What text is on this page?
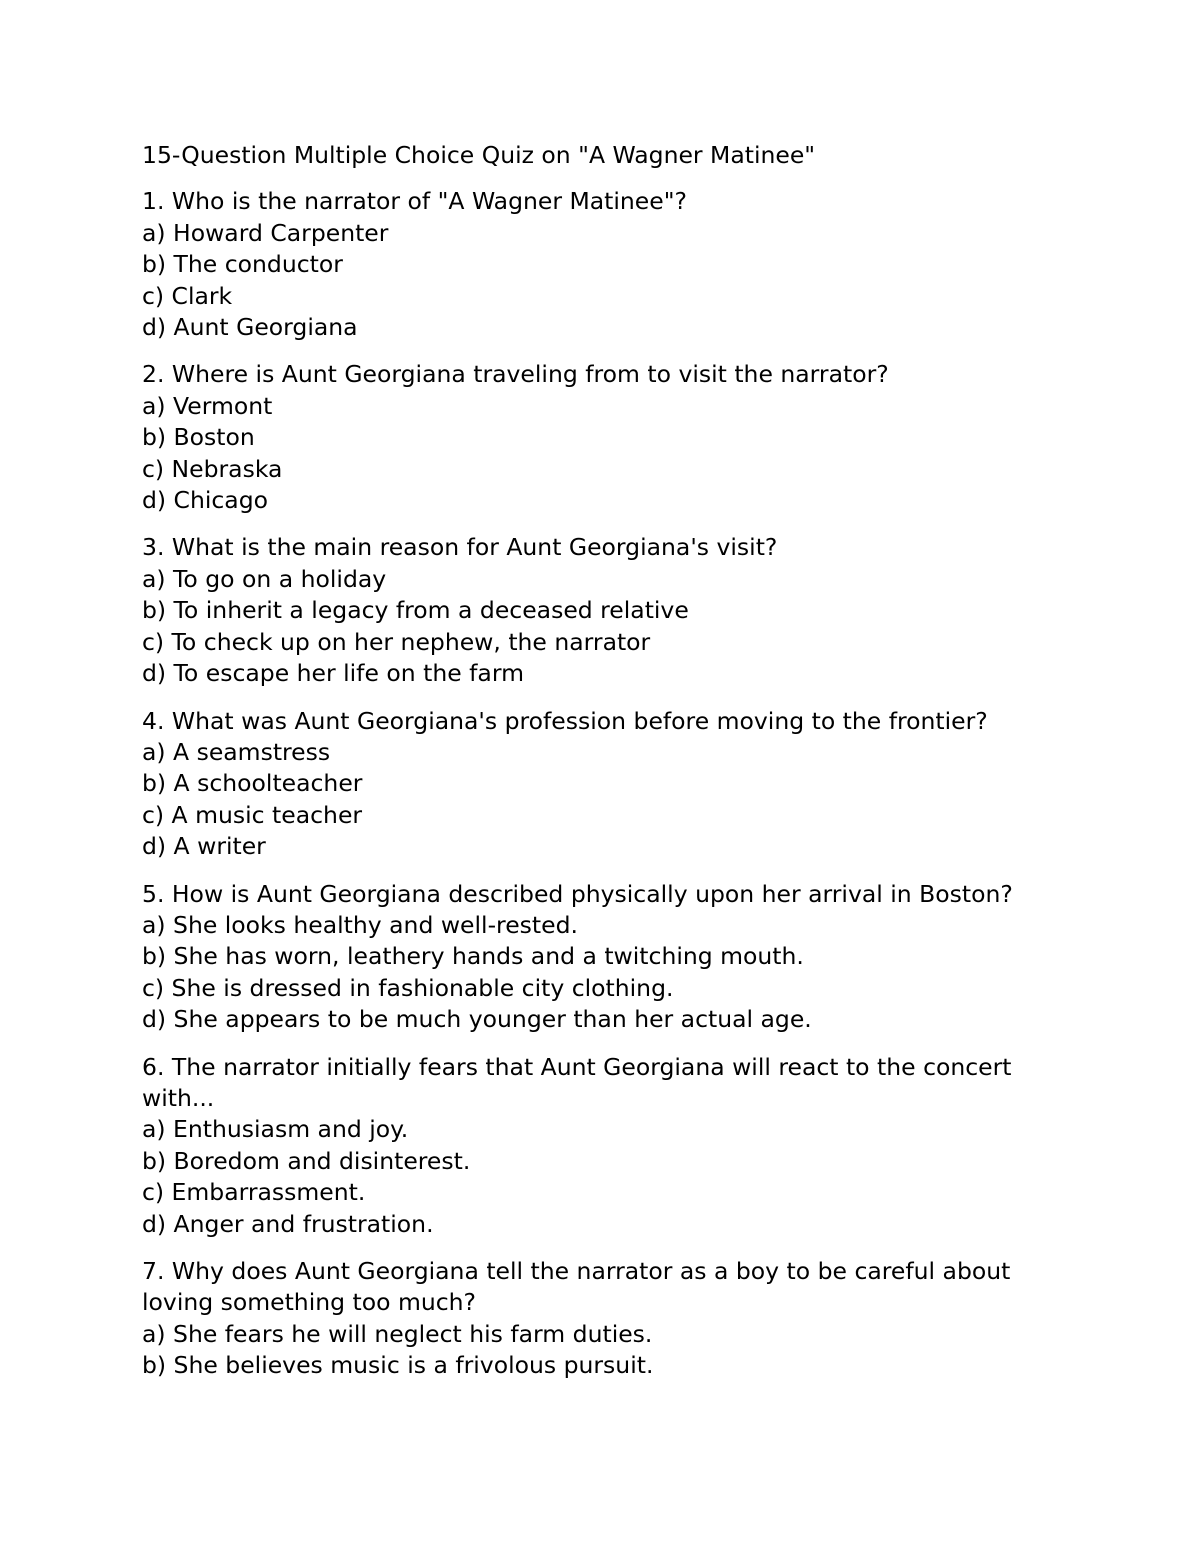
15-Question Multiple Choice Quiz on "A Wagner Matinee"
1. Who is the narrator of "A Wagner Matinee"?
a) Howard Carpenter
b) The conductor
c) Clark
d) Aunt Georgiana
2. Where is Aunt Georgiana traveling from to visit the narrator?
a) Vermont
b) Boston
c) Nebraska
d) Chicago
3. What is the main reason for Aunt Georgiana's visit?
a) To go on a holiday
b) To inherit a legacy from a deceased relative
c) To check up on her nephew, the narrator
d) To escape her life on the farm
4. What was Aunt Georgiana's profession before moving to the frontier?
a) A seamstress
b) A schoolteacher
c) A music teacher
d) A writer
5. How is Aunt Georgiana described physically upon her arrival in Boston?
a) She looks healthy and well-rested.
b) She has worn, leathery hands and a twitching mouth.
c) She is dressed in fashionable city clothing.
d) She appears to be much younger than her actual age.
6. The narrator initially fears that Aunt Georgiana will react to the concert with...
a) Enthusiasm and joy.
b) Boredom and disinterest.
c) Embarrassment.
d) Anger and frustration.
7. Why does Aunt Georgiana tell the narrator as a boy to be careful about loving something too much?
a) She fears he will neglect his farm duties.
b) She believes music is a frivolous pursuit.
